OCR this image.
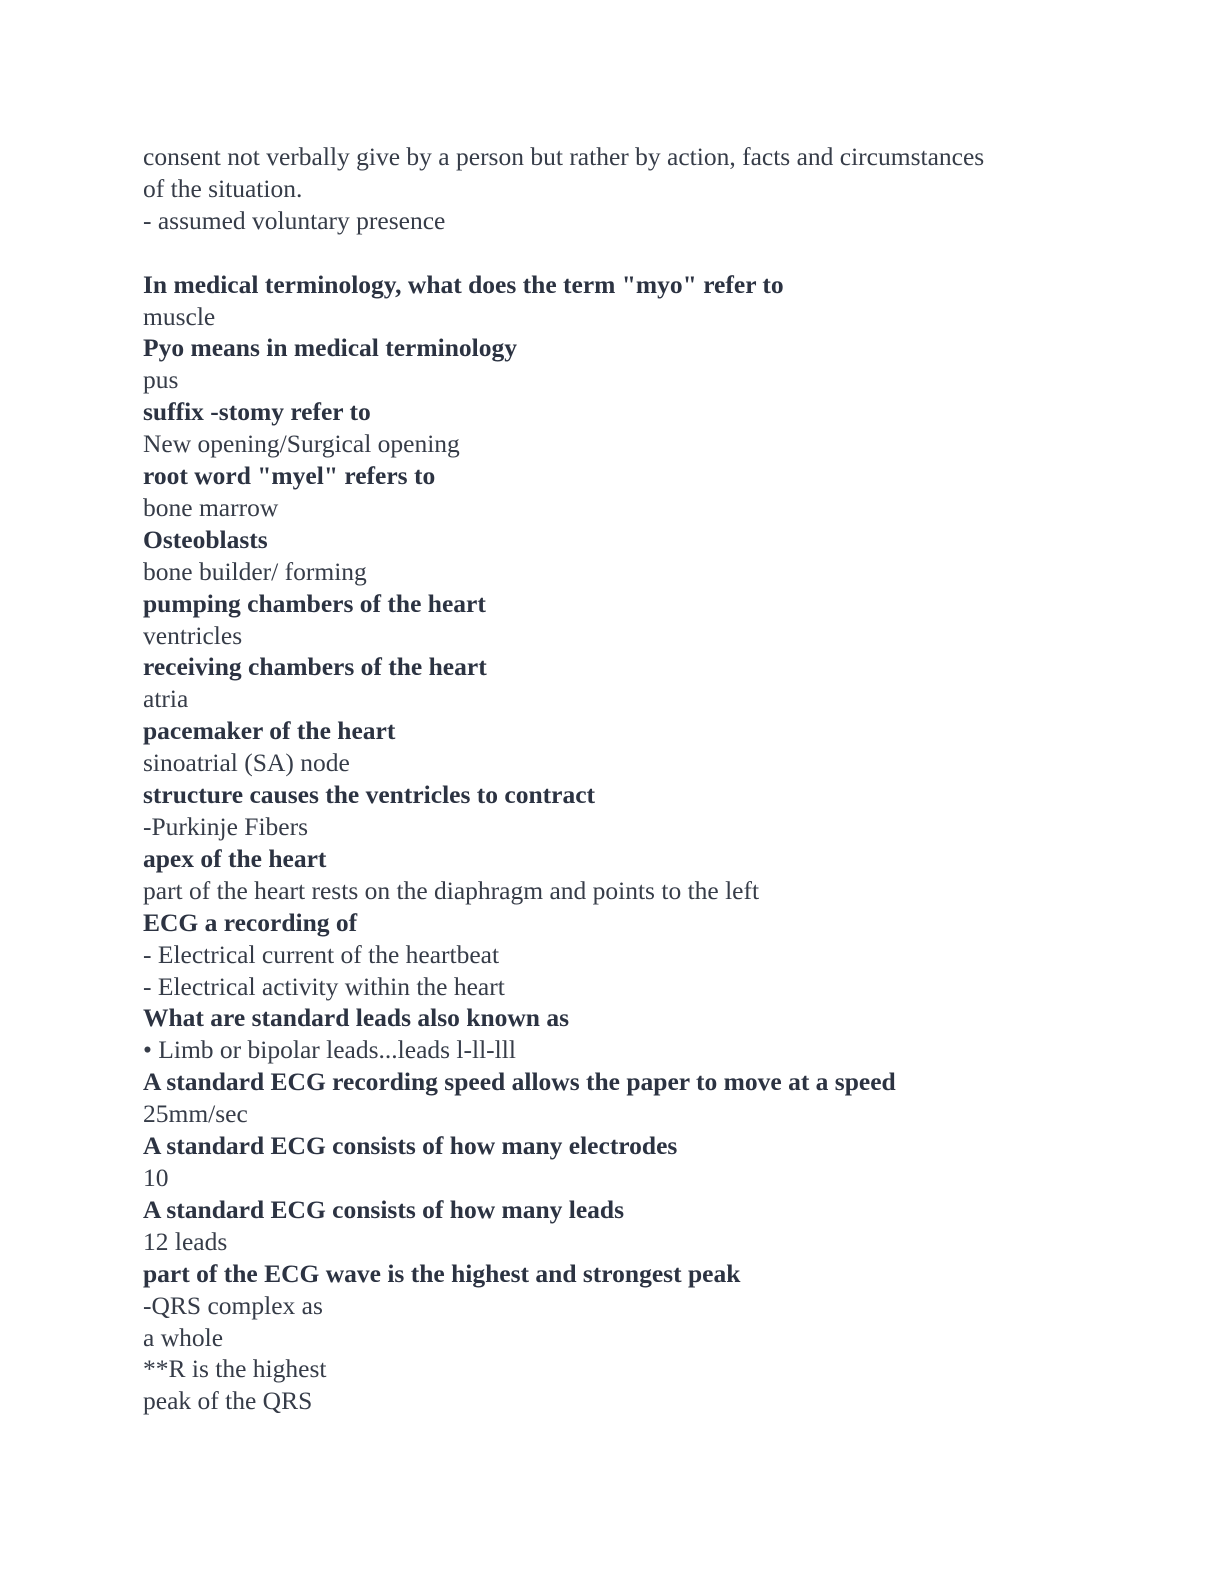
consent not verbally give by a person but rather by action, facts and circumstances
of the situation.
- assumed voluntary presence
In medical terminology, what does the term "myo" refer to
muscle
Pyo means in medical terminology
pus
suffix -stomy refer to
New opening/Surgical opening
root word "myel" refers to
bone marrow
Osteoblasts
bone builder/ forming
pumping chambers of the heart
ventricles
receiving chambers of the heart
atria
pacemaker of the heart
sinoatrial (SA) node
structure causes the ventricles to contract
-Purkinje Fibers
apex of the heart
part of the heart rests on the diaphragm and points to the left
ECG a recording of
- Electrical current of the heartbeat
- Electrical activity within the heart
What are standard leads also known as
• Limb or bipolar leads...leads l-ll-lll
A standard ECG recording speed allows the paper to move at a speed
25mm/sec
A standard ECG consists of how many electrodes
10
A standard ECG consists of how many leads
12 leads
part of the ECG wave is the highest and strongest peak
-QRS complex as
a whole
**R is the highest
peak of the QRS
